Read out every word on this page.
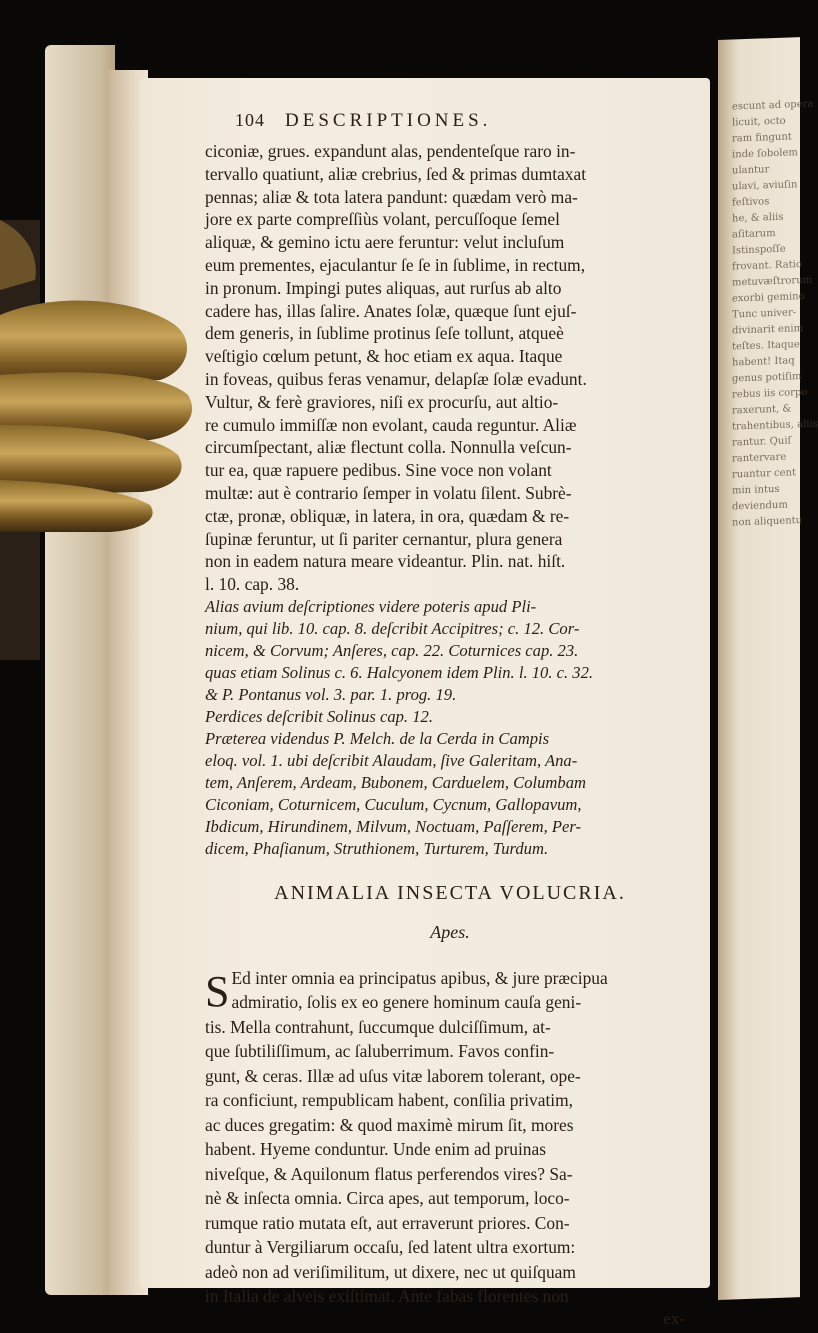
escunt ad opera
licuit, octo
ram fingunt
inde ſobolem
ulantur
ulavi, aviuſin
feſtivos
he, & aliis
aſitarum
Istinspoſſe
frovant. Ratio
metuvæſtrorum
exorbi gemino
Tunc univer-
divinarit enim
teſtes. Itaque
habent! Itaq
genus potiſim
rebus iis corpo
raxerunt, &
trahentibus, aliis
rantur. Quiſ
rantervare
ruantur cent
min intus
deviendum
non aliquentu
104 DESCRIPTIONES.
ciconiæ, grues. expandunt alas, pendenteſque raro in-
tervallo quatiunt, aliæ crebrius, ſed & primas dumtaxat
pennas; aliæ & tota latera pandunt: quædam verò ma-
jore ex parte compreſſiùs volant, percuſſoque ſemel
aliquæ, & gemino ictu aere feruntur: velut incluſum
eum prementes, ejaculantur ſe ſe in ſublime, in rectum,
in pronum. Impingi putes aliquas, aut rurſus ab alto
cadere has, illas ſalire. Anates ſolæ, quæque ſunt ejuſ-
dem generis, in ſublime protinus ſeſe tollunt, atqueè
veſtigio cœlum petunt, & hoc etiam ex aqua. Itaque
in foveas, quibus feras venamur, delapſæ ſolæ evadunt.
Vultur, & ferè graviores, niſi ex procurſu, aut altio-
re cumulo immiſſæ non evolant, cauda reguntur. Aliæ
circumſpectant, aliæ flectunt colla. Nonnulla veſcun-
tur ea, quæ rapuere pedibus. Sine voce non volant
multæ: aut è contrario ſemper in volatu ſilent. Subrè-
ctæ, pronæ, obliquæ, in latera, in ora, quædam & re-
ſupinæ feruntur, ut ſi pariter cernantur, plura genera
non in eadem natura meare videantur. Plin. nat. hiſt.
l. 10. cap. 38.
Alias avium deſcriptiones videre poteris apud Pli-
nium, qui lib. 10. cap. 8. deſcribit Accipitres; c. 12. Cor-
nicem, & Corvum; Anſeres, cap. 22. Coturnices cap. 23.
quas etiam Solinus c. 6. Halcyonem idem Plin. l. 10. c. 32.
& P. Pontanus vol. 3. par. 1. prog. 19.
Perdices deſcribit Solinus cap. 12.
Præterea videndus P. Melch. de la Cerda in Campis
eloq. vol. 1. ubi deſcribit Alaudam, ſive Galeritam, Ana-
tem, Anſerem, Ardeam, Bubonem, Carduelem, Columbam
Ciconiam, Coturnicem, Cuculum, Cycnum, Gallopavum,
Ibdicum, Hirundinem, Milvum, Noctuam, Paſſerem, Per-
dicem, Phaſianum, Struthionem, Turturem, Turdum.
ANIMALIA INSECTA VOLUCRIA.
Apes.
S Ed inter omnia ea principatus apibus, & jure præcipua
admiratio, ſolis ex eo genere hominum cauſa geni-
tis. Mella contrahunt, ſuccumque dulciſſimum, at-
que ſubtiliſſimum, ac ſaluberrimum. Favos confin-
gunt, & ceras. Illæ ad uſus vitæ laborem tolerant, ope-
ra conficiunt, rempublicam habent, conſilia privatim,
ac duces gregatim: & quod maximè mirum ſit, mores
habent. Hyeme conduntur. Unde enim ad pruinas
niveſque, & Aquilonum flatus perferendos vires? Sa-
nè & inſecta omnia. Circa apes, aut temporum, loco-
rumque ratio mutata eſt, aut erraverunt priores. Con-
duntur à Vergiliarum occaſu, ſed latent ultra exortum:
adeò non ad veriſimilitum, ut dixere, nec ut quiſquam
in Italia de alveis exiſtimat. Ante fabas florentes non
ex-
